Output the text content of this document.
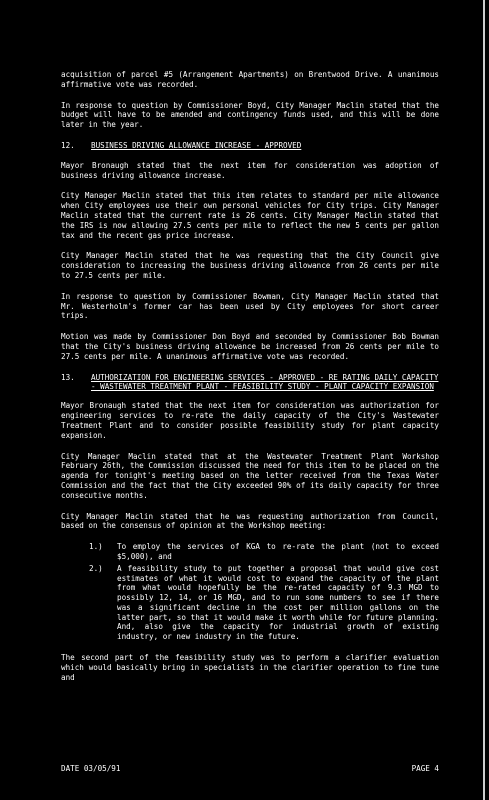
acquisition of parcel #5 (Arrangement Apartments) on Brentwood Drive. A unanimous affirmative vote was recorded.

In response to question by Commissioner Boyd, City Manager Maclin stated that the budget will have to be amended and contingency funds used, and this will be done later in the year.

12.	BUSINESS DRIVING ALLOWANCE INCREASE - APPROVED

Mayor Bronaugh stated that the next item for consideration was adoption of business driving allowance increase.

City Manager Maclin stated that this item relates to standard per mile allowance when City employees use their own personal vehicles for City trips. City Manager Maclin stated that the current rate is 26 cents. City Manager Maclin stated that the IRS is now allowing 27.5 cents per mile to reflect the new 5 cents per gallon tax and the recent gas price increase.

City Manager Maclin stated that he was requesting that the City Council give consideration to increasing the business driving allowance from 26 cents per mile to 27.5 cents per mile.

In response to question by Commissioner Bowman, City Manager Maclin stated that Mr. Westerholm's former car has been used by City employees for short career trips.

Motion was made by Commissioner Don Boyd and seconded by Commissioner Bob Bowman that the City's business driving allowance be increased from 26 cents per mile to 27.5 cents per mile. A unanimous affirmative vote was recorded.

13.	AUTHORIZATION FOR ENGINEERING SERVICES - APPROVED - RE RATING DAILY CAPACITY - WASTEWATER TREATMENT PLANT - FEASIBILITY STUDY - PLANT CAPACITY EXPANSION

Mayor Bronaugh stated that the next item for consideration was authorization for engineering services to re-rate the daily capacity of the City's Wastewater Treatment Plant and to consider possible feasibility study for plant capacity expansion.

City Manager Maclin stated that at the Wastewater Treatment Plant Workshop February 26th, the Commission discussed the need for this item to be placed on the agenda for tonight's meeting based on the letter received from the Texas Water Commission and the fact that the City exceeded 90% of its daily capacity for three consecutive months.

City Manager Maclin stated that he was requesting authorization from Council, based on the consensus of opinion at the Workshop meeting:

1.)	To employ the services of KGA to re-rate the plant (not to exceed $5,000), and
2.)	A feasibility study to put together a proposal that would give cost estimates of what it would cost to expand the capacity of the plant from what would hopefully be the re-rated capacity of 9.3 MGD to possibly 12, 14, or 16 MGD, and to run some numbers to see if there was a significant decline in the cost per million gallons on the latter part, so that it would make it worth while for future planning. And, also give the capacity for industrial growth of existing industry, or new industry in the future.

The second part of the feasibility study was to perform a clarifier evaluation which would basically bring in specialists in the clarifier operation to fine tune and

DATE 03/05/91	PAGE 4
